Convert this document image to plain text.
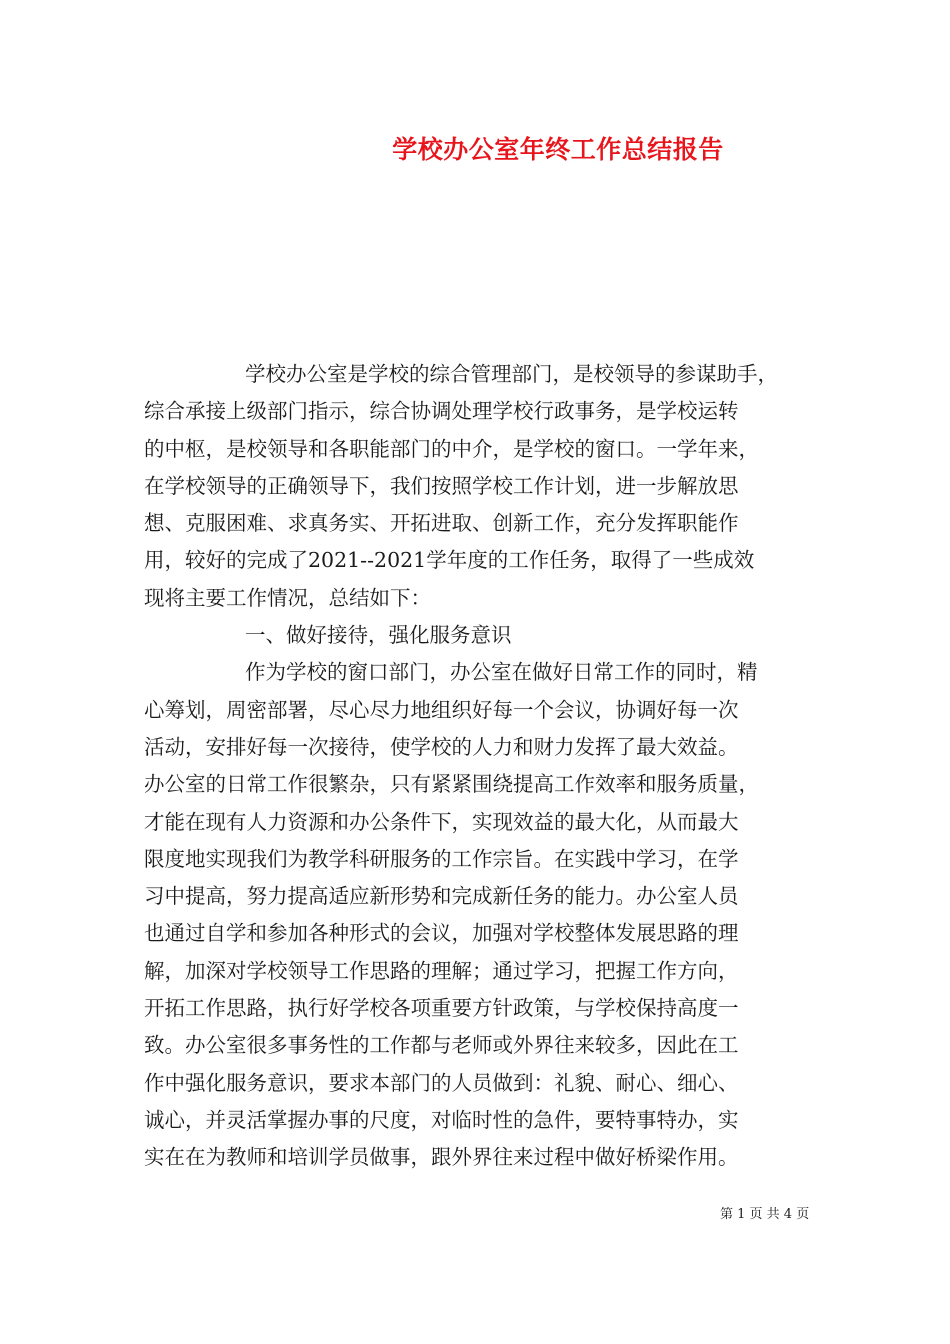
学校办公室年终工作总结报告
学校办公室是学校的综合管理部门，是校领导的参谋助手，
综合承接上级部门指示，综合协调处理学校行政事务，是学校运转
的中枢，是校领导和各职能部门的中介，是学校的窗口。一学年来，
在学校领导的正确领导下，我们按照学校工作计划，进一步解放思
想、克服困难、求真务实、开拓进取、创新工作，充分发挥职能作
用，较好的完成了2021--2021学年度的工作任务，取得了一些成效
现将主要工作情况，总结如下：
一、做好接待，强化服务意识
作为学校的窗口部门，办公室在做好日常工作的同时，精
心筹划，周密部署，尽心尽力地组织好每一个会议，协调好每一次
活动，安排好每一次接待，使学校的人力和财力发挥了最大效益。
办公室的日常工作很繁杂，只有紧紧围绕提高工作效率和服务质量，
才能在现有人力资源和办公条件下，实现效益的最大化，从而最大
限度地实现我们为教学科研服务的工作宗旨。在实践中学习，在学
习中提高，努力提高适应新形势和完成新任务的能力。办公室人员
也通过自学和参加各种形式的会议，加强对学校整体发展思路的理
解，加深对学校领导工作思路的理解；通过学习，把握工作方向，
开拓工作思路，执行好学校各项重要方针政策，与学校保持高度一
致。办公室很多事务性的工作都与老师或外界往来较多，因此在工
作中强化服务意识，要求本部门的人员做到：礼貌、耐心、细心、
诚心，并灵活掌握办事的尺度，对临时性的急件，要特事特办，实
实在在为教师和培训学员做事，跟外界往来过程中做好桥梁作用。
第 1 页 共 4 页
